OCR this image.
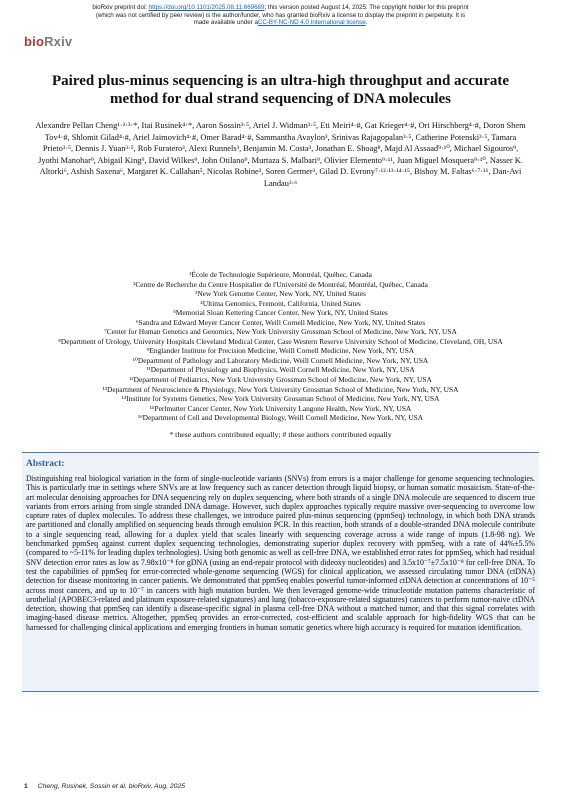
bioRxiv preprint doi: https://doi.org/10.1101/2025.08.11.669689; this version posted August 14, 2025. The copyright holder for this preprint
(which was not certified by peer review) is the author/funder, who has granted bioRxiv a license to display the preprint in perpetuity. It is
made available under aCC-BY-NC-ND 4.0 International license.
bioRxiv
Paired plus-minus sequencing is an ultra-high throughput and accurate method for dual strand sequencing of DNA molecules
Alexandre Pellan Cheng¹·²·³·*, Itai Rusinek⁴·*, Aaron Sossin³·⁵, Ariel J. Widman³·⁵, Eti Meiri⁴·#, Gat Krieger⁴·#, Ori Hirschberg⁴·#, Doron Shem Tov⁴·#, Shlomit Gilad⁴·#, Ariel Jaimovich⁴·#, Omer Barad⁴·#, Sammantha Avaylon³, Srinivas Rajagopalan³·⁵, Catherine Potenski³·⁵, Tamara Prieto³·⁵, Dennis J. Yuan³·⁵, Rob Furatero³, Alexi Runnels³, Benjamin M. Costa³, Jonathan E. Shoag⁸, Majd Al Assaad⁹·¹⁰, Michael Sigouros⁹, Jyothi Manohar⁹, Abigail King⁹, David Wilkes⁹, John Otilano⁹, Murtaza S. Malbari⁹, Olivier Elemento⁹·¹¹, Juan Miguel Mosquera⁹·¹⁰, Nasser K. Altorki⁶, Ashish Saxena⁶, Margaret K. Callahan⁵, Nicolas Robine³, Soren Germer³, Gilad D. Evrony⁷·¹²·¹³·¹⁴·¹⁵, Bishoy M. Faltas⁶·⁷·¹⁶, Dan-Avi Landau³·⁶
¹École de Technologie Supérieure, Montréal, Québec, Canada
²Centre de Recherche du Centre Hospitalier de l'Université de Montréal, Montréal, Québec, Canada
³New York Genome Center, New York, NY, United States
⁴Ultima Genomics, Fremont, California, United States
⁵Memorial Sloan Kettering Cancer Center, New York, NY, United States
⁶Sandra and Edward Meyer Cancer Center, Weill Cornell Medicine, New York, NY, United States
⁷Center for Human Genetics and Genomics, New York University Grossman School of Medicine, New York, NY, USA
⁸Department of Urology, University Hospitals Cleveland Medical Center, Case Western Reserve University School of Medicine, Cleveland, OH, USA
⁹Englander Institute for Precision Medicine, Weill Cornell Medicine, New York, NY, USA
¹⁰Department of Pathology and Laboratory Medicine, Weill Cornell Medicine, New York, NY, USA
¹¹Department of Physiology and Biophysics, Weill Cornell Medicine, New York, NY, USA
¹²Department of Pediatrics, New York University Grossman School of Medicine, New York, NY, USA
¹³Department of Neuroscience & Physiology, New York University Grossman School of Medicine, New York, NY, USA
¹⁴Institute for Systems Genetics, New York University Grossman School of Medicine, New York, NY, USA
¹⁵Perlmutter Cancer Center, New York University Langone Health, New York, NY, USA
¹⁶Department of Cell and Developmental Biology, Weill Cornell Medicine, New York, NY, USA
* these authors contributed equally; # these authors contributed equally
Abstract:
Distinguishing real biological variation in the form of single-nucleotide variants (SNVs) from errors is a major challenge for genome sequencing technologies. This is particularly true in settings where SNVs are at low frequency such as cancer detection through liquid biopsy, or human somatic mosaicism. State-of-the-art molecular denoising approaches for DNA sequencing rely on duplex sequencing, where both strands of a single DNA molecule are sequenced to discern true variants from errors arising from single stranded DNA damage. However, such duplex approaches typically require massive over-sequencing to overcome low capture rates of duplex molecules. To address these challenges, we introduce paired plus-minus sequencing (ppmSeq) technology, in which both DNA strands are partitioned and clonally amplified on sequencing beads through emulsion PCR. In this reaction, both strands of a double-stranded DNA molecule contribute to a single sequencing read, allowing for a duplex yield that scales linearly with sequencing coverage across a wide range of inputs (1.8-98 ng). We benchmarked ppmSeq against current duplex sequencing technologies, demonstrating superior duplex recovery with ppmSeq, with a rate of 44%±5.5% (compared to ~5-11% for leading duplex technologies). Using both genomic as well as cell-free DNA, we established error rates for ppmSeq, which had residual SNV detection error rates as low as 7.98x10⁻⁸ for gDNA (using an end-repair protocol with dideoxy nucleotides) and 3.5x10⁻⁷±7.5x10⁻⁸ for cell-free DNA. To test the capabilities of ppmSeq for error-corrected whole-genome sequencing (WGS) for clinical application, we assessed circulating tumor DNA (ctDNA) detection for disease monitoring in cancer patients. We demonstrated that ppmSeq enables powerful tumor-informed ctDNA detection at concentrations of 10⁻⁵ across most cancers, and up to 10⁻⁷ in cancers with high mutation burden. We then leveraged genome-wide trinucleotide mutation patterns characteristic of urothelial (APOBEC3-related and platinum exposure-related signatures) and lung (tobacco-exposure-related signatures) cancers to perform tumor-naive ctDNA detection, showing that ppmSeq can identify a disease-specific signal in plasma cell-free DNA without a matched tumor, and that this signal correlates with imaging-based disease metrics. Altogether, ppmSeq provides an error-corrected, cost-efficient and scalable approach for high-fidelity WGS that can be harnessed for challenging clinical applications and emerging frontiers in human somatic genetics where high accuracy is required for mutation identification.
1 Cheng, Rusinek, Sossin et al. bioRxiv, Aug, 2025
